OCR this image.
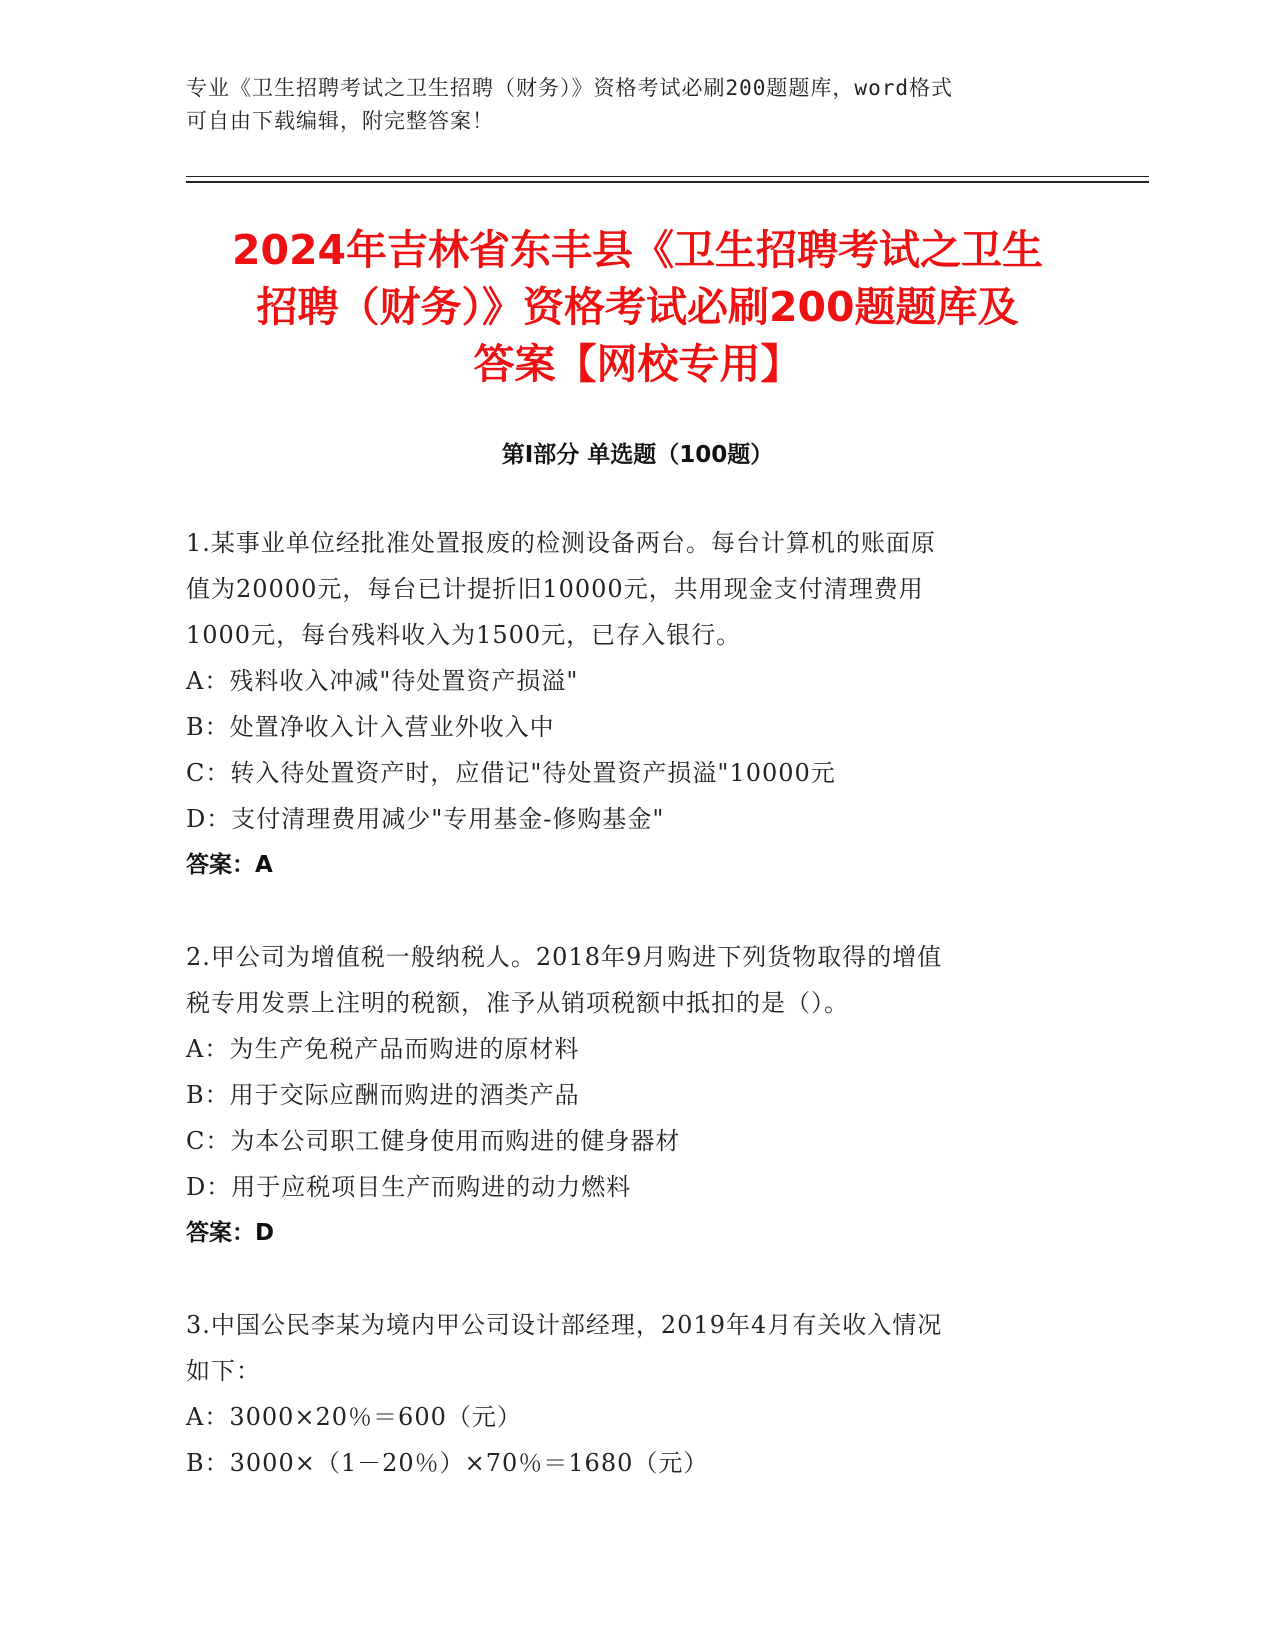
专业《卫生招聘考试之卫生招聘（财务）》资格考试必刷200题题库，word格式
可自由下载编辑，附完整答案！
2024年吉林省东丰县《卫生招聘考试之卫生
招聘（财务）》资格考试必刷200题题库及
答案【网校专用】
第Ⅰ部分 单选题（100题）
1.某事业单位经批准处置报废的检测设备两台。每台计算机的账面原
值为20000元，每台已计提折旧10000元，共用现金支付清理费用
1000元，每台残料收入为1500元，已存入银行。
A：残料收入冲减"待处置资产损溢"
B：处置净收入计入营业外收入中
C：转入待处置资产时，应借记"待处置资产损溢"10000元
D：支付清理费用减少"专用基金-修购基金"
答案：A
2.甲公司为增值税一般纳税人。2018年9月购进下列货物取得的增值
税专用发票上注明的税额，准予从销项税额中抵扣的是（）。
A：为生产免税产品而购进的原材料
B：用于交际应酬而购进的酒类产品
C：为本公司职工健身使用而购进的健身器材
D：用于应税项目生产而购进的动力燃料
答案：D
3.中国公民李某为境内甲公司设计部经理，2019年4月有关收入情况
如下：
A：3000×20％＝600（元）
B：3000×（1－20％）×70％＝1680（元）
